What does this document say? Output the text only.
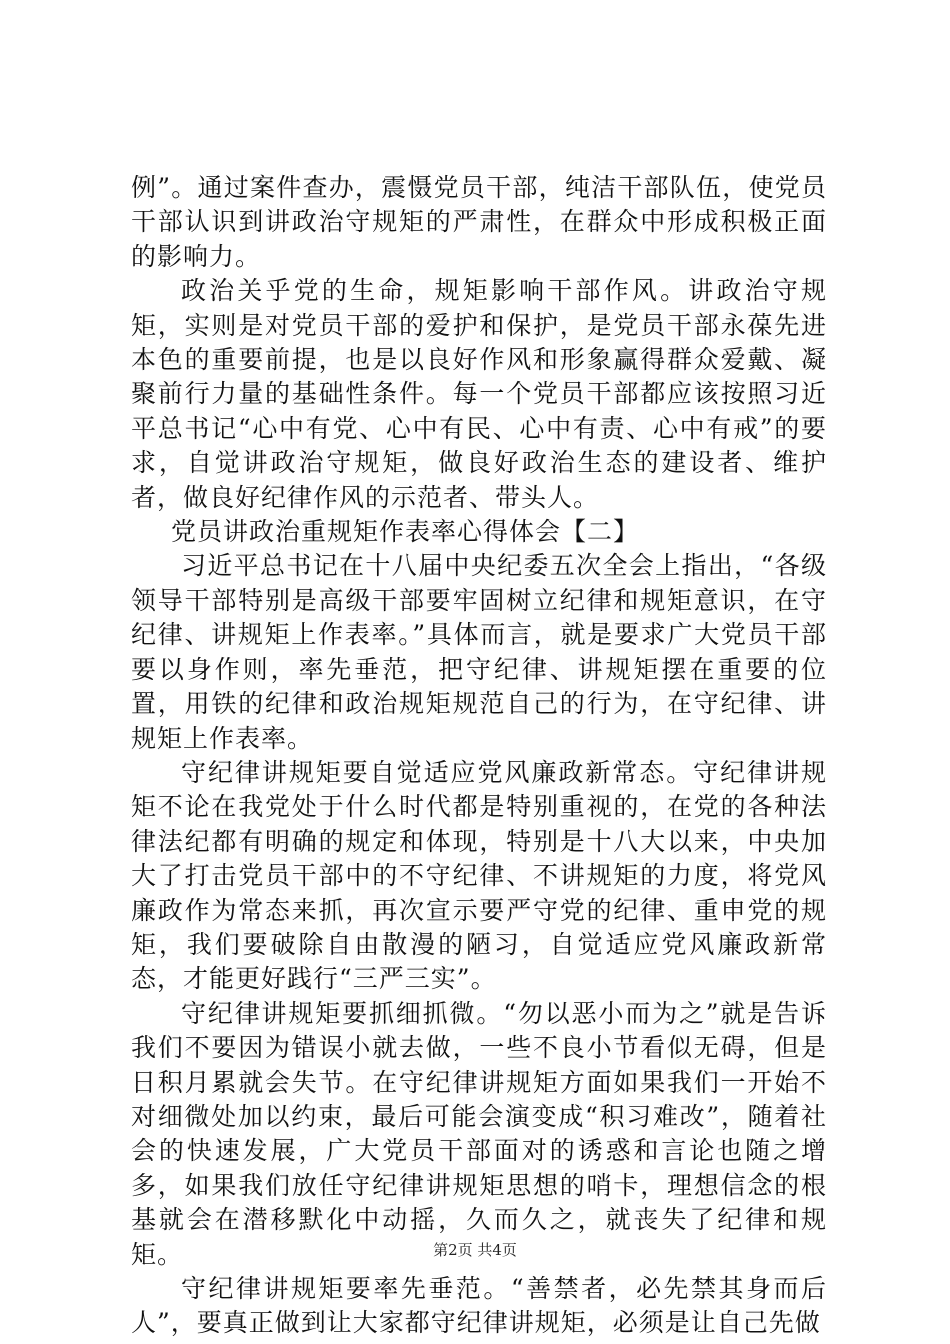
例”。通过案件查办，震慑党员干部，纯洁干部队伍，使党员干部认识到讲政治守规矩的严肃性，在群众中形成积极正面的影响力。

政治关乎党的生命，规矩影响干部作风。讲政治守规矩，实则是对党员干部的爱护和保护，是党员干部永葆先进本色的重要前提，也是以良好作风和形象赢得群众爱戴、凝聚前行力量的基础性条件。每一个党员干部都应该按照习近平总书记“心中有党、心中有民、心中有责、心中有戒”的要求，自觉讲政治守规矩，做良好政治生态的建设者、维护者，做良好纪律作风的示范者、带头人。

党员讲政治重规矩作表率心得体会【二】

习近平总书记在十八届中央纪委五次全会上指出，“各级领导干部特别是高级干部要牢固树立纪律和规矩意识，在守纪律、讲规矩上作表率。”具体而言，就是要求广大党员干部要以身作则，率先垂范，把守纪律、讲规矩摆在重要的位置，用铁的纪律和政治规矩规范自己的行为，在守纪律、讲规矩上作表率。

守纪律讲规矩要自觉适应党风廉政新常态。守纪律讲规矩不论在我党处于什么时代都是特别重视的，在党的各种法律法纪都有明确的规定和体现，特别是十八大以来，中央加大了打击党员干部中的不守纪律、不讲规矩的力度，将党风廉政作为常态来抓，再次宣示要严守党的纪律、重申党的规矩，我们要破除自由散漫的陋习，自觉适应党风廉政新常态，才能更好践行“三严三实”。

守纪律讲规矩要抓细抓微。“勿以恶小而为之”就是告诉我们不要因为错误小就去做，一些不良小节看似无碍，但是日积月累就会失节。在守纪律讲规矩方面如果我们一开始不对细微处加以约束，最后可能会演变成“积习难改”，随着社会的快速发展，广大党员干部面对的诱惑和言论也随之增多，如果我们放任守纪律讲规矩思想的哨卡，理想信念的根基就会在潜移默化中动摇，久而久之，就丧失了纪律和规矩。

守纪律讲规矩要率先垂范。“善禁者，必先禁其身而后人”，要真正做到让大家都守纪律讲规矩，必须是让自己先做

第2页 共4页
